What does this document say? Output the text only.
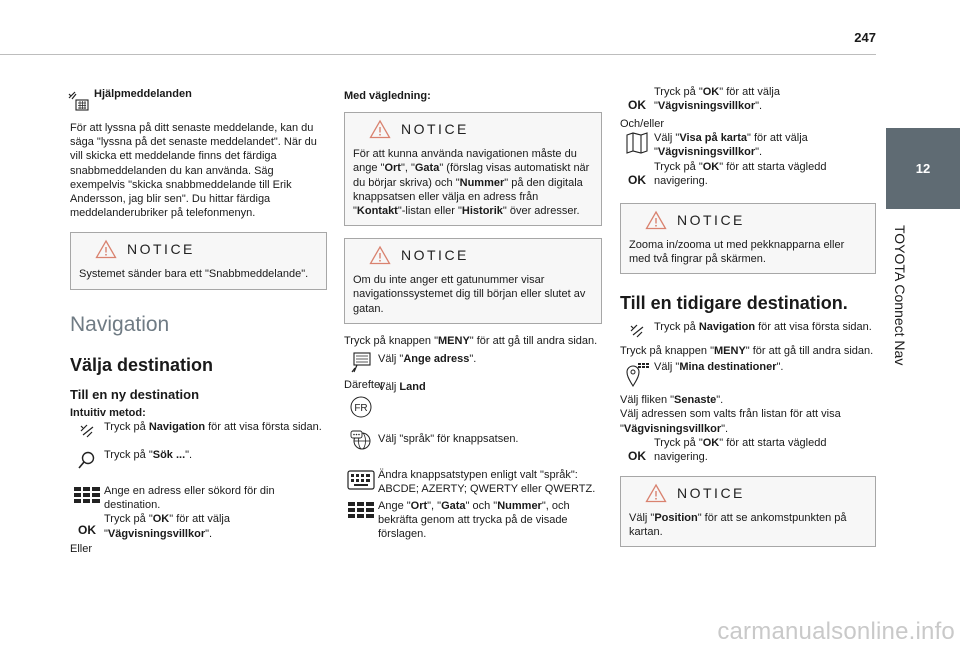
247
12
TOYOTA Connect Nav
Hjälpmeddelanden

För att lyssna på ditt senaste meddelande, kan du säga "lyssna på det senaste meddelandet". När du vill skicka ett meddelande finns det färdiga snabbmeddelanden du kan använda. Säg exempelvis "skicka snabbmeddelande till Erik Andersson, jag blir sen". Du hittar färdiga meddelanderubriker på telefonmenyn.

NOTICE

Systemet sänder bara ett "Snabbmeddelande".

Navigation
Välja destination
Till en ny destination

Intuitiv metod:

Tryck på Navigation för att visa första sidan.
Tryck på "Sök ...".
Ange en adress eller sökord för din destination.
OK
Tryck på "OK" för att välja "Vägvisningsvillkor".

Eller

Med vägledning:

NOTICE

För att kunna använda navigationen måste du ange "Ort", "Gata" (förslag visas automatiskt när du börjar skriva) och "Nummer" på den digitala knappsatsen eller välja en adress från "Kontakt"-listan eller "Historik" över adresser.

NOTICE

Om du inte anger ett gatunummer visar navigationssystemet dig till början eller slutet av gatan.

Tryck på knappen "MENY" för att gå till andra sidan.

Välj "Ange adress".

Därefter

FR
Välj Land
Välj "språk" för knappsatsen.
Ändra knappsatstypen enligt valt "språk": ABCDE; AZERTY; QWERTY eller QWERTZ.
Ange "Ort", "Gata" och "Nummer", och bekräfta genom att trycka på de visade förslagen.
OK
Tryck på "OK" för att välja "Vägvisningsvillkor".

Och/eller

Välj "Visa på karta" för att välja "Vägvisningsvillkor".
OK
Tryck på "OK" för att starta vägledd navigering.
NOTICE

Zooma in/zooma ut med pekknapparna eller med två fingrar på skärmen.

Till en tidigare destination.
Tryck på Navigation för att visa första sidan.

Tryck på knappen "MENY" för att gå till andra sidan.

Välj "Mina destinationer".

Välj fliken "Senaste".

Välj adressen som valts från listan för att visa "Vägvisningsvillkor".

OK
Tryck på "OK" för att starta vägledd navigering.
NOTICE

Välj "Position" för att se ankomstpunkten på kartan.

carmanualsonline.info
